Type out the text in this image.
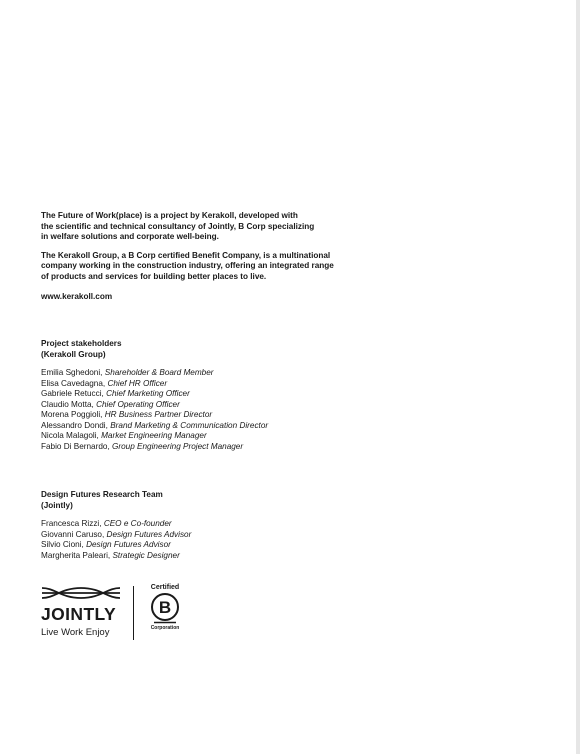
The Future of Work(place) is a project by Kerakoll, developed with
the scientific and technical consultancy of Jointly, B Corp specializing
in welfare solutions and corporate well-being.

The Kerakoll Group, a B Corp certified Benefit Company, is a multinational
company working in the construction industry, offering an integrated range
of products and services for building better places to live.

www.kerakoll.com
Project stakeholders
(Kerakoll Group)
Emilia Sghedoni, Shareholder & Board Member
Elisa Cavedagna, Chief HR Officer
Gabriele Retucci, Chief Marketing Officer
Claudio Motta, Chief Operating Officer
Morena Poggioli, HR Business Partner Director
Alessandro Dondi, Brand Marketing & Communication Director
Nicola Malagoli, Market Engineering Manager
Fabio Di Bernardo, Group Engineering Project Manager
Design Futures Research Team
(Jointly)
Francesca Rizzi, CEO e Co-founder
Giovanni Caruso, Design Futures Advisor
Silvio Cioni, Design Futures Advisor
Margherita Paleari, Strategic Designer
JOINTLY
Live Work Enjoy
Certified
B
Corporation
